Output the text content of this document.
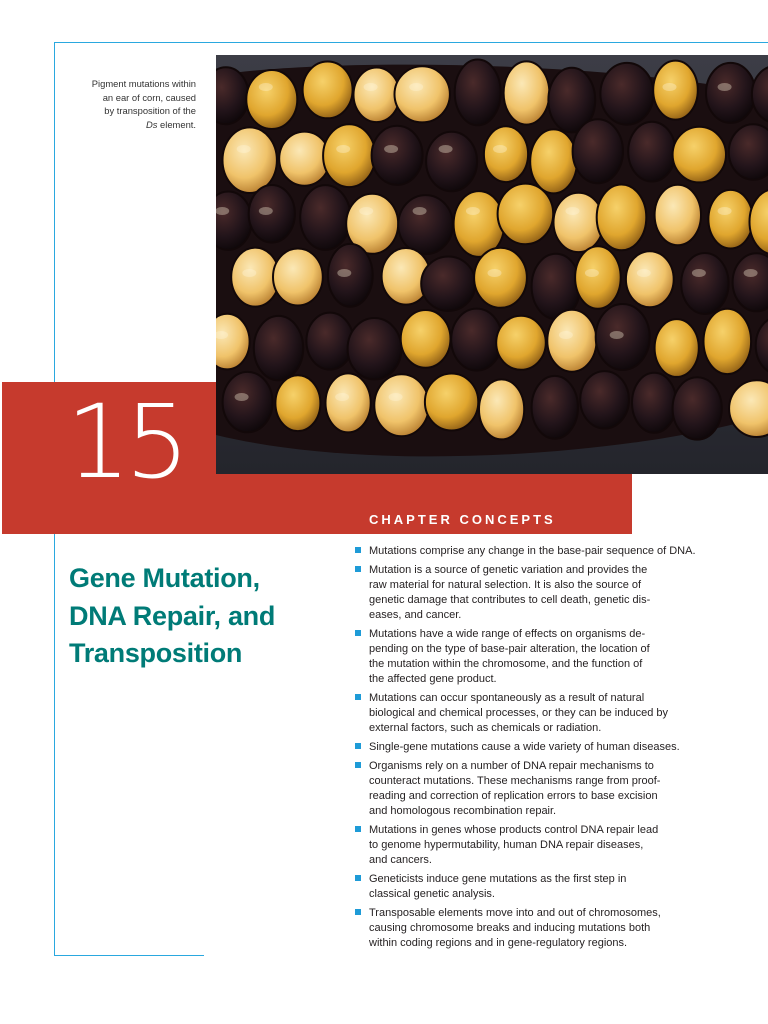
Pigment mutations within
an ear of corn, caused
by transposition of the
Ds element.
15
CHAPTER CONCEPTS
Gene Mutation,
DNA Repair, and
Transposition
Mutations comprise any change in the base-pair sequence of DNA.
Mutation is a source of genetic variation and provides the
raw material for natural selection. It is also the source of
genetic damage that contributes to cell death, genetic dis-
eases, and cancer.
Mutations have a wide range of effects on organisms de-
pending on the type of base-pair alteration, the location of
the mutation within the chromosome, and the function of
the affected gene product.
Mutations can occur spontaneously as a result of natural
biological and chemical processes, or they can be induced by
external factors, such as chemicals or radiation.
Single-gene mutations cause a wide variety of human diseases.
Organisms rely on a number of DNA repair mechanisms to
counteract mutations. These mechanisms range from proof-
reading and correction of replication errors to base excision
and homologous recombination repair.
Mutations in genes whose products control DNA repair lead
to genome hypermutability, human DNA repair diseases,
and cancers.
Geneticists induce gene mutations as the first step in
classical genetic analysis.
Transposable elements move into and out of chromosomes,
causing chromosome breaks and inducing mutations both
within coding regions and in gene-regulatory regions.
